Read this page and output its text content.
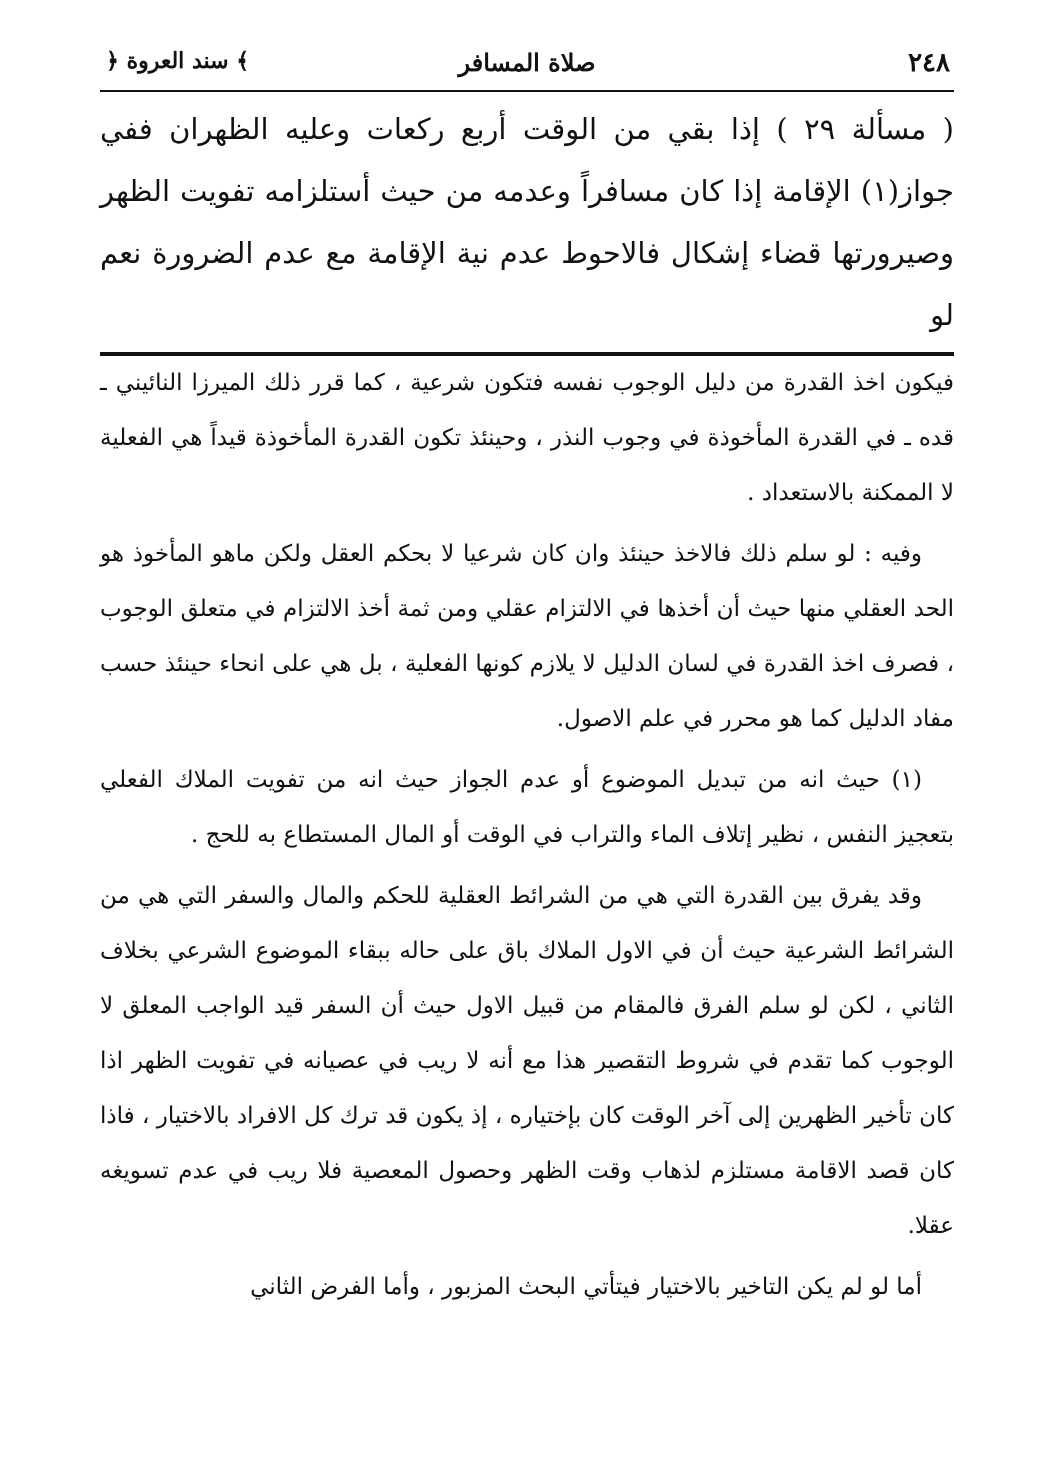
٢٤٨
صلاة المسافر
﴿ سند العروة ﴾

( مسألة ٢٩ ) إذا بقي من الوقت أربع ركعات وعليه الظهران ففي جواز(١) الإقامة إذا كان مسافراً وعدمه من حيث أستلزامه تفويت الظهر وصيرورتها قضاء إشكال فالاحوط عدم نية الإقامة مع عدم الضرورة نعم لو

فيكون اخذ القدرة من دليل الوجوب نفسه فتكون شرعية ، كما قرر ذلك الميرزا النائيني ـ قده ـ في القدرة المأخوذة في وجوب النذر ، وحينئذ تكون القدرة المأخوذة قيداً هي الفعلية لا الممكنة بالاستعداد .

وفيه : لو سلم ذلك فالاخذ حينئذ وان كان شرعيا لا بحكم العقل ولكن ماهو المأخوذ هو الحد العقلي منها حيث أن أخذها في الالتزام عقلي ومن ثمة أخذ الالتزام في متعلق الوجوب ، فصرف اخذ القدرة في لسان الدليل لا يلازم كونها الفعلية ، بل هي على انحاء حينئذ حسب مفاد الدليل كما هو محرر في علم الاصول.

(١) حيث انه من تبديل الموضوع أو عدم الجواز حيث انه من تفويت الملاك الفعلي بتعجيز النفس ، نظير إتلاف الماء والتراب في الوقت أو المال المستطاع به للحج .

وقد يفرق بين القدرة التي هي من الشرائط العقلية للحكم والمال والسفر التي هي من الشرائط الشرعية حيث أن في الاول الملاك باق على حاله ببقاء الموضوع الشرعي بخلاف الثاني ، لكن لو سلم الفرق فالمقام من قبيل الاول حيث أن السفر قيد الواجب المعلق لا الوجوب كما تقدم في شروط التقصير هذا مع أنه لا ريب في عصيانه في تفويت الظهر اذا كان تأخير الظهرين إلى آخر الوقت كان بإختياره ، إذ يكون قد ترك كل الافراد بالاختيار ، فاذا كان قصد الاقامة مستلزم لذهاب وقت الظهر وحصول المعصية فلا ريب في عدم تسويغه عقلا.

أما لو لم يكن التاخير بالاختيار فيتأتي البحث المزبور ، وأما الفرض الثاني
